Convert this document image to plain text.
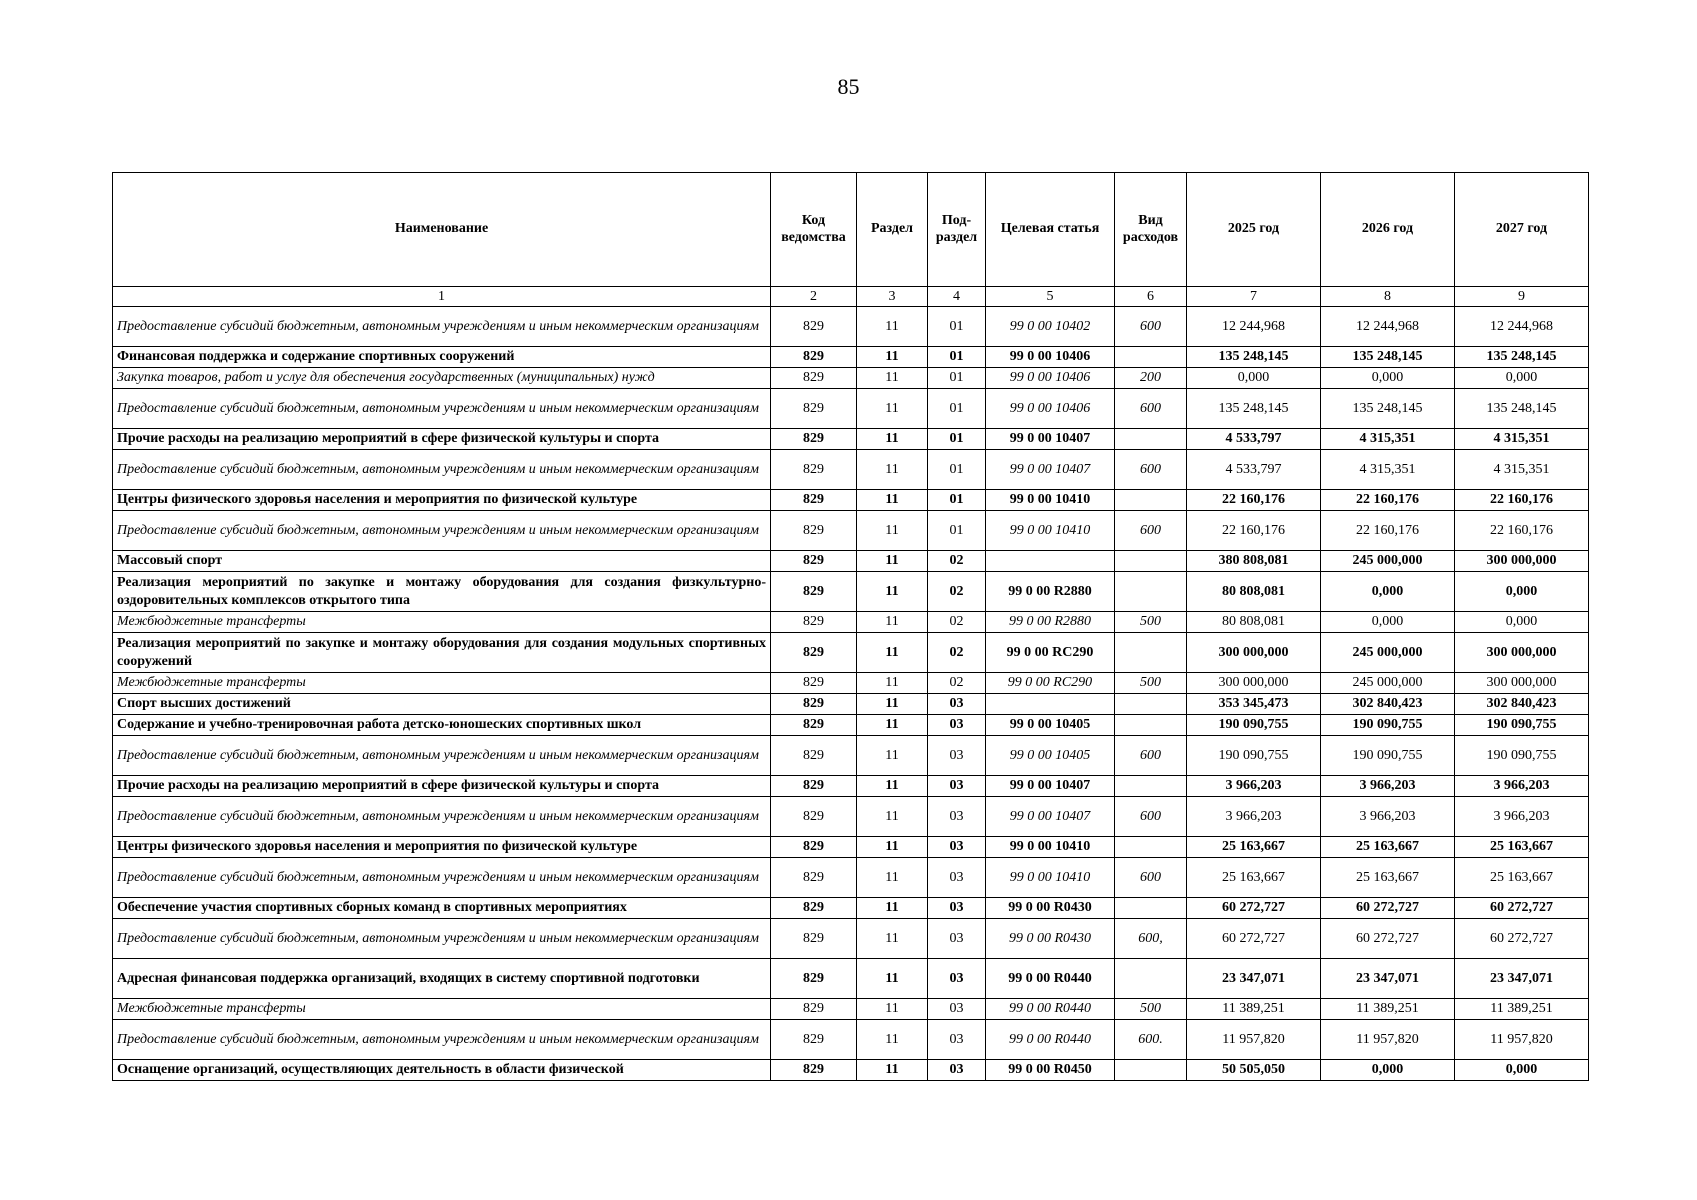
85
Наименование	Код ведомства	Раздел	Под-раздел	Целевая статья	Вид расходов	2025 год	2026 год	2027 год
1	2	3	4	5	6	7	8	9
Предоставление субсидий бюджетным, автономным учреждениям и иным некоммерческим организациям	829	11	01	99 0 00 10402	600	12 244,968	12 244,968	12 244,968
Финансовая поддержка и содержание спортивных сооружений	829	11	01	99 0 00 10406		135 248,145	135 248,145	135 248,145
Закупка товаров, работ и услуг для обеспечения государственных (муниципальных) нужд	829	11	01	99 0 00 10406	200	0,000	0,000	0,000
Предоставление субсидий бюджетным, автономным учреждениям и иным некоммерческим организациям	829	11	01	99 0 00 10406	600	135 248,145	135 248,145	135 248,145
Прочие расходы на реализацию мероприятий в сфере физической культуры и спорта	829	11	01	99 0 00 10407		4 533,797	4 315,351	4 315,351
Предоставление субсидий бюджетным, автономным учреждениям и иным некоммерческим организациям	829	11	01	99 0 00 10407	600	4 533,797	4 315,351	4 315,351
Центры физического здоровья населения и мероприятия по физической культуре	829	11	01	99 0 00 10410		22 160,176	22 160,176	22 160,176
Предоставление субсидий бюджетным, автономным учреждениям и иным некоммерческим организациям	829	11	01	99 0 00 10410	600	22 160,176	22 160,176	22 160,176
Массовый спорт	829	11	02			380 808,081	245 000,000	300 000,000
Реализация мероприятий по закупке и монтажу оборудования для создания физкультурно-оздоровительных комплексов открытого типа	829	11	02	99 0 00 R2880		80 808,081	0,000	0,000
Межбюджетные трансферты	829	11	02	99 0 00 R2880	500	80 808,081	0,000	0,000
Реализация мероприятий по закупке и монтажу оборудования для создания модульных спортивных сооружений	829	11	02	99 0 00 RC290		300 000,000	245 000,000	300 000,000
Межбюджетные трансферты	829	11	02	99 0 00 RC290	500	300 000,000	245 000,000	300 000,000
Спорт высших достижений	829	11	03			353 345,473	302 840,423	302 840,423
Содержание и учебно-тренировочная работа детско-юношеских спортивных школ	829	11	03	99 0 00 10405		190 090,755	190 090,755	190 090,755
Предоставление субсидий бюджетным, автономным учреждениям и иным некоммерческим организациям	829	11	03	99 0 00 10405	600	190 090,755	190 090,755	190 090,755
Прочие расходы на реализацию мероприятий в сфере физической культуры и спорта	829	11	03	99 0 00 10407		3 966,203	3 966,203	3 966,203
Предоставление субсидий бюджетным, автономным учреждениям и иным некоммерческим организациям	829	11	03	99 0 00 10407	600	3 966,203	3 966,203	3 966,203
Центры физического здоровья населения и мероприятия по физической культуре	829	11	03	99 0 00 10410		25 163,667	25 163,667	25 163,667
Предоставление субсидий бюджетным, автономным учреждениям и иным некоммерческим организациям	829	11	03	99 0 00 10410	600	25 163,667	25 163,667	25 163,667
Обеспечение участия спортивных сборных команд в спортивных мероприятиях	829	11	03	99 0 00 R0430		60 272,727	60 272,727	60 272,727
Предоставление субсидий бюджетным, автономным учреждениям и иным некоммерческим организациям	829	11	03	99 0 00 R0430	600,	60 272,727	60 272,727	60 272,727
Адресная финансовая поддержка организаций, входящих в систему спортивной подготовки	829	11	03	99 0 00 R0440		23 347,071	23 347,071	23 347,071
Межбюджетные трансферты	829	11	03	99 0 00 R0440	500	11 389,251	11 389,251	11 389,251
Предоставление субсидий бюджетным, автономным учреждениям и иным некоммерческим организациям	829	11	03	99 0 00 R0440	600.	11 957,820	11 957,820	11 957,820
Оснащение организаций, осуществляющих деятельность в области физической	829	11	03	99 0 00 R0450		50 505,050	0,000	0,000
